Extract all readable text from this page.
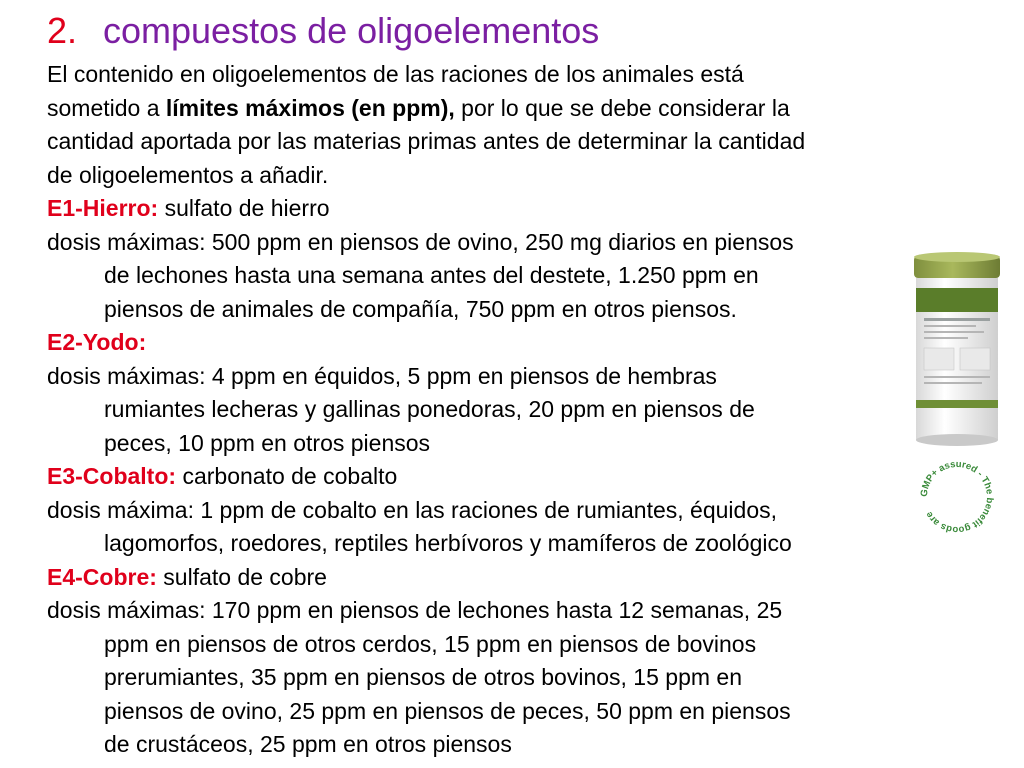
2. compuestos de oligoelementos
El contenido en oligoelementos de las raciones de los animales está
sometido a límites máximos (en ppm), por lo que se debe considerar la
cantidad aportada por las materias primas antes de determinar la cantidad
de oligoelementos a añadir.
E1-Hierro: sulfato de hierro
dosis máximas: 500 ppm en piensos de ovino, 250 mg diarios en piensos
de lechones hasta una semana antes del destete, 1.250 ppm en
piensos de animales de compañía, 750 ppm en otros piensos.
E2-Yodo:
dosis máximas: 4 ppm en équidos, 5 ppm en piensos de hembras
rumiantes lecheras y gallinas ponedoras, 20 ppm en piensos de
peces, 10 ppm en otros piensos
E3-Cobalto: carbonato de cobalto
dosis máxima: 1 ppm de cobalto en las raciones de rumiantes, équidos,
lagomorfos, roedores, reptiles herbívoros y mamíferos de zoológico
E4-Cobre: sulfato de cobre
dosis máximas: 170 ppm en piensos de lechones hasta 12 semanas, 25
ppm en piensos de otros cerdos, 15 ppm en piensos de bovinos
prerumiantes, 35 ppm en piensos de otros bovinos, 15 ppm en
piensos de ovino, 25 ppm en piensos de peces, 50 ppm en piensos
de crustáceos, 25 ppm en otros piensos
GMP+ assured - The benefit goods are
